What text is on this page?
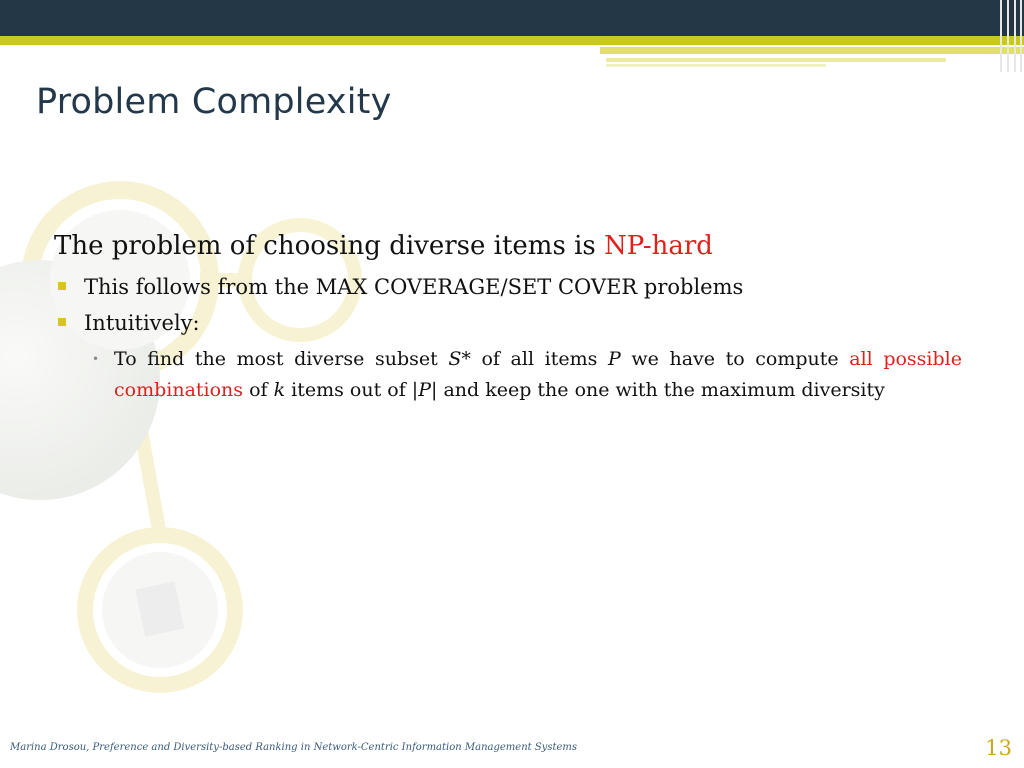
Problem Complexity

The problem of choosing diverse items is NP-hard

This follows from the MAX COVERAGE/SET COVER problems
Intuitively:
• To find the most diverse subset S* of all items P we have to compute all possible combinations of k items out of |P| and keep the one with the maximum diversity
Marina Drosou, Preference and Diversity-based Ranking in Network-Centric Information Management Systems	13
